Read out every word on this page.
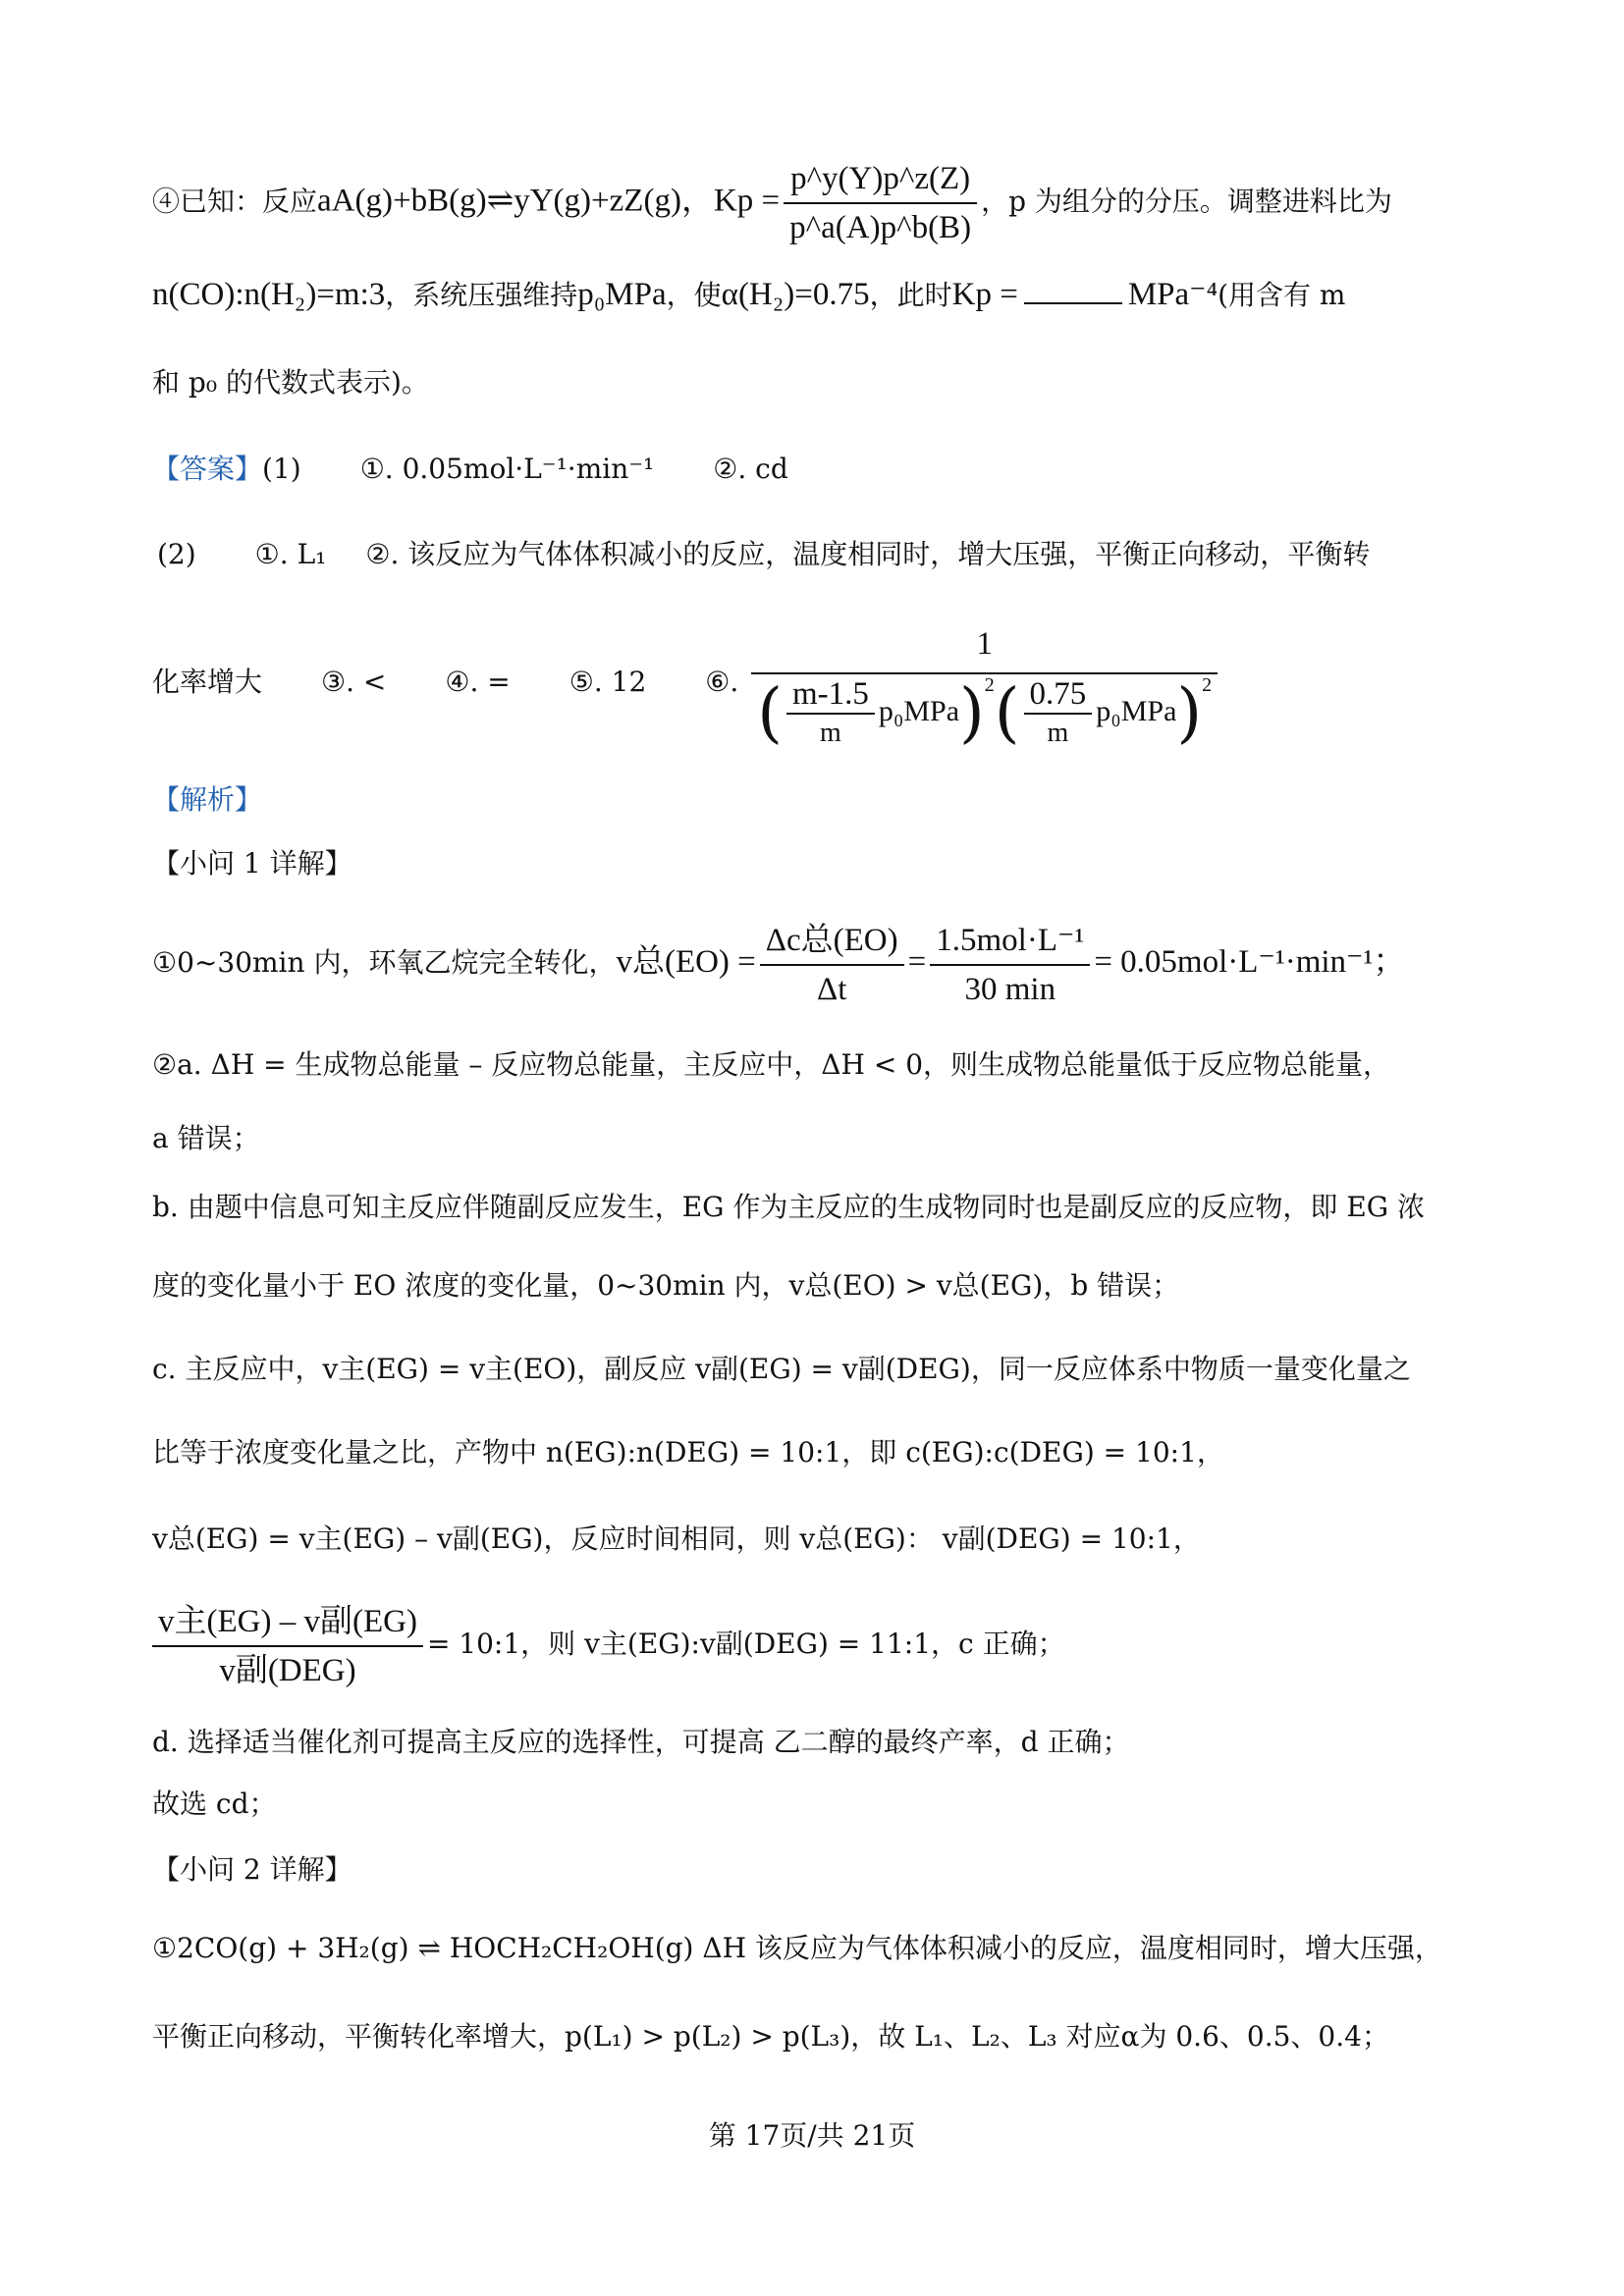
④已知：反应aA(g)+bB(g)⇌yY(g)+zZ(g)，$Kp = \frac{p\^{}y(Y)p\^{}z(Z)}{p\^{}a(A)p\^{}b(B)}$ ，p 为组分的分压。调整进料比为
n(CO):n(H₂)=m:3，系统压强维持p₀MPa，使α(H₂)=0.75，此时Kp =	MPa⁻⁴(用含有 m
和 p₀ 的代数式表示)。
【答案】(1) ①. 0.05mol·L⁻¹·min⁻¹ ②. cd
(2) ①. L₁ ②. 该反应为气体体积减小的反应，温度相同时，增大压强，平衡正向移动，平衡转
化率增大 ③. < ④. = ⑤. 12 ⑥. $\frac{1}{( \frac{m-1.5}{m} p_0MPa)^2( \frac{0.75}{m} p_0MPa)^2}$
【解析】
【小问 1 详解】
①0~30min 内，环氧乙烷完全转化，v总$(EO) = \frac{\text{Δc总(EO)}}{\Delta t} = \frac{\text{1.5mol·L⁻¹}}{30 \min} = 0.05mol\cdot L^{-1}\cdot\min^{-1}$；
②a. ΔH = 生成物总能量 – 反应物总能量，主反应中，ΔH < 0，则生成物总能量低于反应物总能量，
a 错误；
b. 由题中信息可知主反应伴随副反应发生，EG 作为主反应的生成物同时也是副反应的反应物，即 EG 浓
度的变化量小于 EO 浓度的变化量，0~30min 内，v总(EO) > v总(EG)，b 错误；
c. 主反应中，v主(EG) = v主(EO)，副反应 v副(EG) = v副(DEG)，同一反应体系中物质一量变化量之
比等于浓度变化量之比，产物中 n(EG):n(DEG) = 10:1，即 c(EG):c(DEG) = 10:1，
v总(EG) = v主(EG) – v副(EG)，反应时间相同，则 v总(EG)： v副(DEG) = 10:1，
$\frac{\text{v主(EG) – v副(EG)}}{\text{v副(DEG)}}$ = 10:1，则 v主(EG):v副(DEG) = 11:1，c 正确；
d. 选择适当催化剂可提高主反应的选择性，可提高 乙二醇的最终产率，d 正确；
故选 cd；
【小问 2 详解】
①2CO(g) + 3H₂(g) ⇌ HOCH₂CH₂OH(g) ΔH 该反应为气体体积减小的反应，温度相同时，增大压强，
平衡正向移动，平衡转化率增大，p(L₁) > p(L₂) > p(L₃)，故 L₁、L₂、L₃ 对应α为 0.6、0.5、0.4；
第 17页/共 21页
